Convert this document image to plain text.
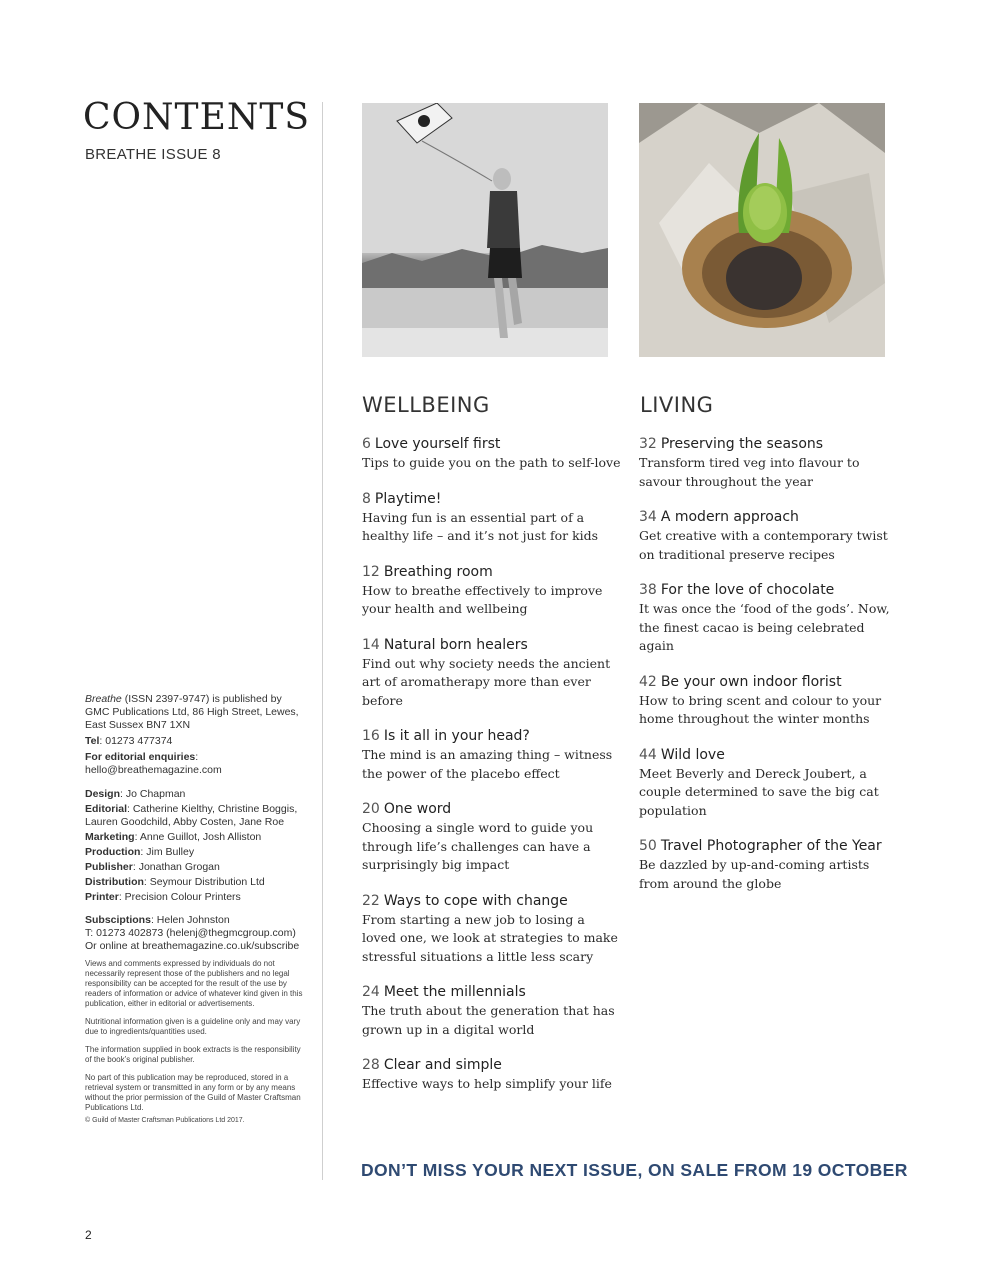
CONTENTS
BREATHE ISSUE 8

Breathe (ISSN 2397-9747) is published by GMC Publications Ltd, 86 High Street, Lewes, East Sussex BN7 1XN

Tel: 01273 477374

For editorial enquiries:
hello@breathemagazine.com

Design: Jo Chapman

Editorial: Catherine Kielthy, Christine Boggis, Lauren Goodchild, Abby Costen, Jane Roe

Marketing: Anne Guillot, Josh Alliston

Production: Jim Bulley

Publisher: Jonathan Grogan

Distribution: Seymour Distribution Ltd

Printer: Precision Colour Printers

Subsciptions: Helen Johnston
T: 01273 402873 (helenj@thegmcgroup.com)
Or online at breathemagazine.co.uk/subscribe

Views and comments expressed by individuals do not necessarily represent those of the publishers and no legal responsibility can be accepted for the result of the use by readers of information or advice of whatever kind given in this publication, either in editorial or advertisements.

Nutritional information given is a guideline only and may vary due to ingredients/quantities used.

The information supplied in book extracts is the responsibility of the book’s original publisher.

No part of this publication may be reproduced, stored in a retrieval system or transmitted in any form or by any means without the prior permission of the Guild of Master Craftsman Publications Ltd.

© Guild of Master Craftsman Publications Ltd 2017.

WELLBEING	LIVING
6 Love yourself first
Tips to guide you on the path to self-love
8 Playtime!
Having fun is an essential part of a healthy life – and it’s not just for kids
12 Breathing room
How to breathe effectively to improve your health and wellbeing
14 Natural born healers
Find out why society needs the ancient art of aromatherapy more than ever before
16 Is it all in your head?
The mind is an amazing thing – witness the power of the placebo effect
20 One word
Choosing a single word to guide you through life’s challenges can have a surprisingly big impact
22 Ways to cope with change
From starting a new job to losing a loved one, we look at strategies to make stressful situations a little less scary
24 Meet the millennials
The truth about the generation that has grown up in a digital world
28 Clear and simple
Effective ways to help simplify your life
32 Preserving the seasons
Transform tired veg into flavour to savour throughout the year
34 A modern approach
Get creative with a contemporary twist on traditional preserve recipes
38 For the love of chocolate
It was once the ‘food of the gods’. Now, the finest cacao is being celebrated again
42 Be your own indoor florist
How to bring scent and colour to your home throughout the winter months
44 Wild love
Meet Beverly and Dereck Joubert, a couple determined to save the big cat population
50 Travel Photographer of the Year
Be dazzled by up-and-coming artists from around the globe
DON’T MISS YOUR NEXT ISSUE, ON SALE FROM 19 OCTOBER
2
